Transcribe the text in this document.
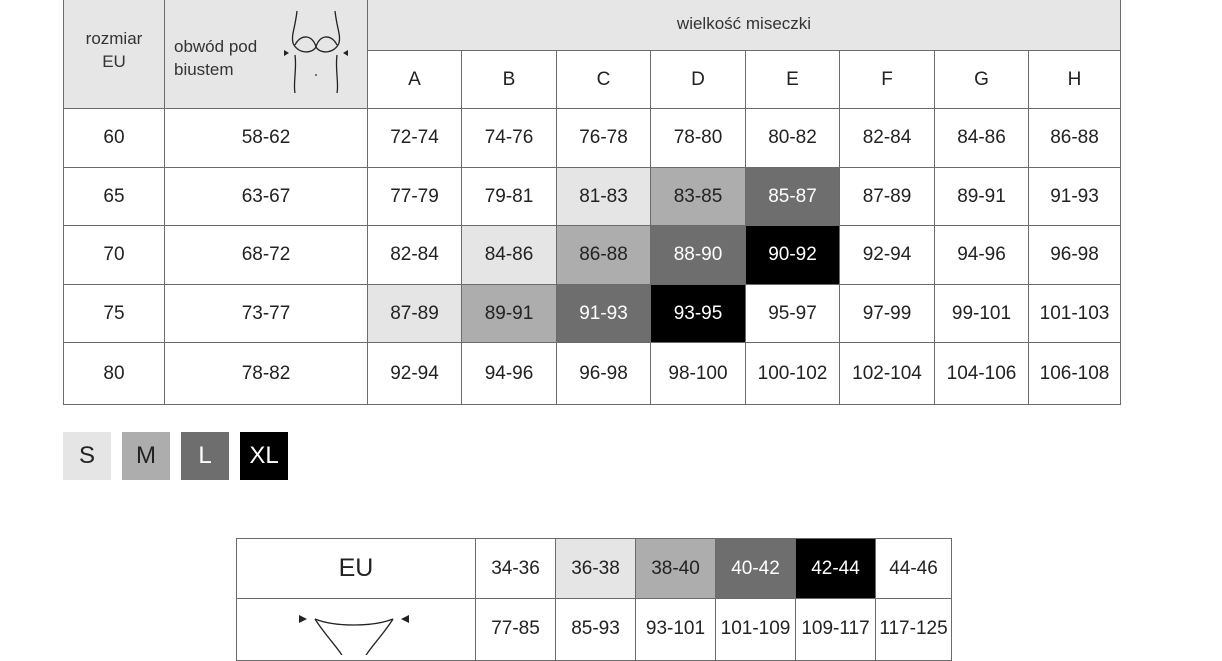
rozmiar EU	obwód pod biustem	wielkość miseczki							
		A	B	C	D	E	F	G	H
60	58-62	72-74	74-76	76-78	78-80	80-82	82-84	84-86	86-88
65	63-67	77-79	79-81	81-83	83-85	85-87	87-89	89-91	91-93
70	68-72	82-84	84-86	86-88	88-90	90-92	92-94	94-96	96-98
75	73-77	87-89	89-91	91-93	93-95	95-97	97-99	99-101	101-103
80	78-82	92-94	94-96	96-98	98-100	100-102	102-104	104-106	106-108
S	M	L	XL
EU	34-36	36-38	38-40	40-42	42-44	44-46

	77-85	85-93	93-101	101-109	109-117	117-125
